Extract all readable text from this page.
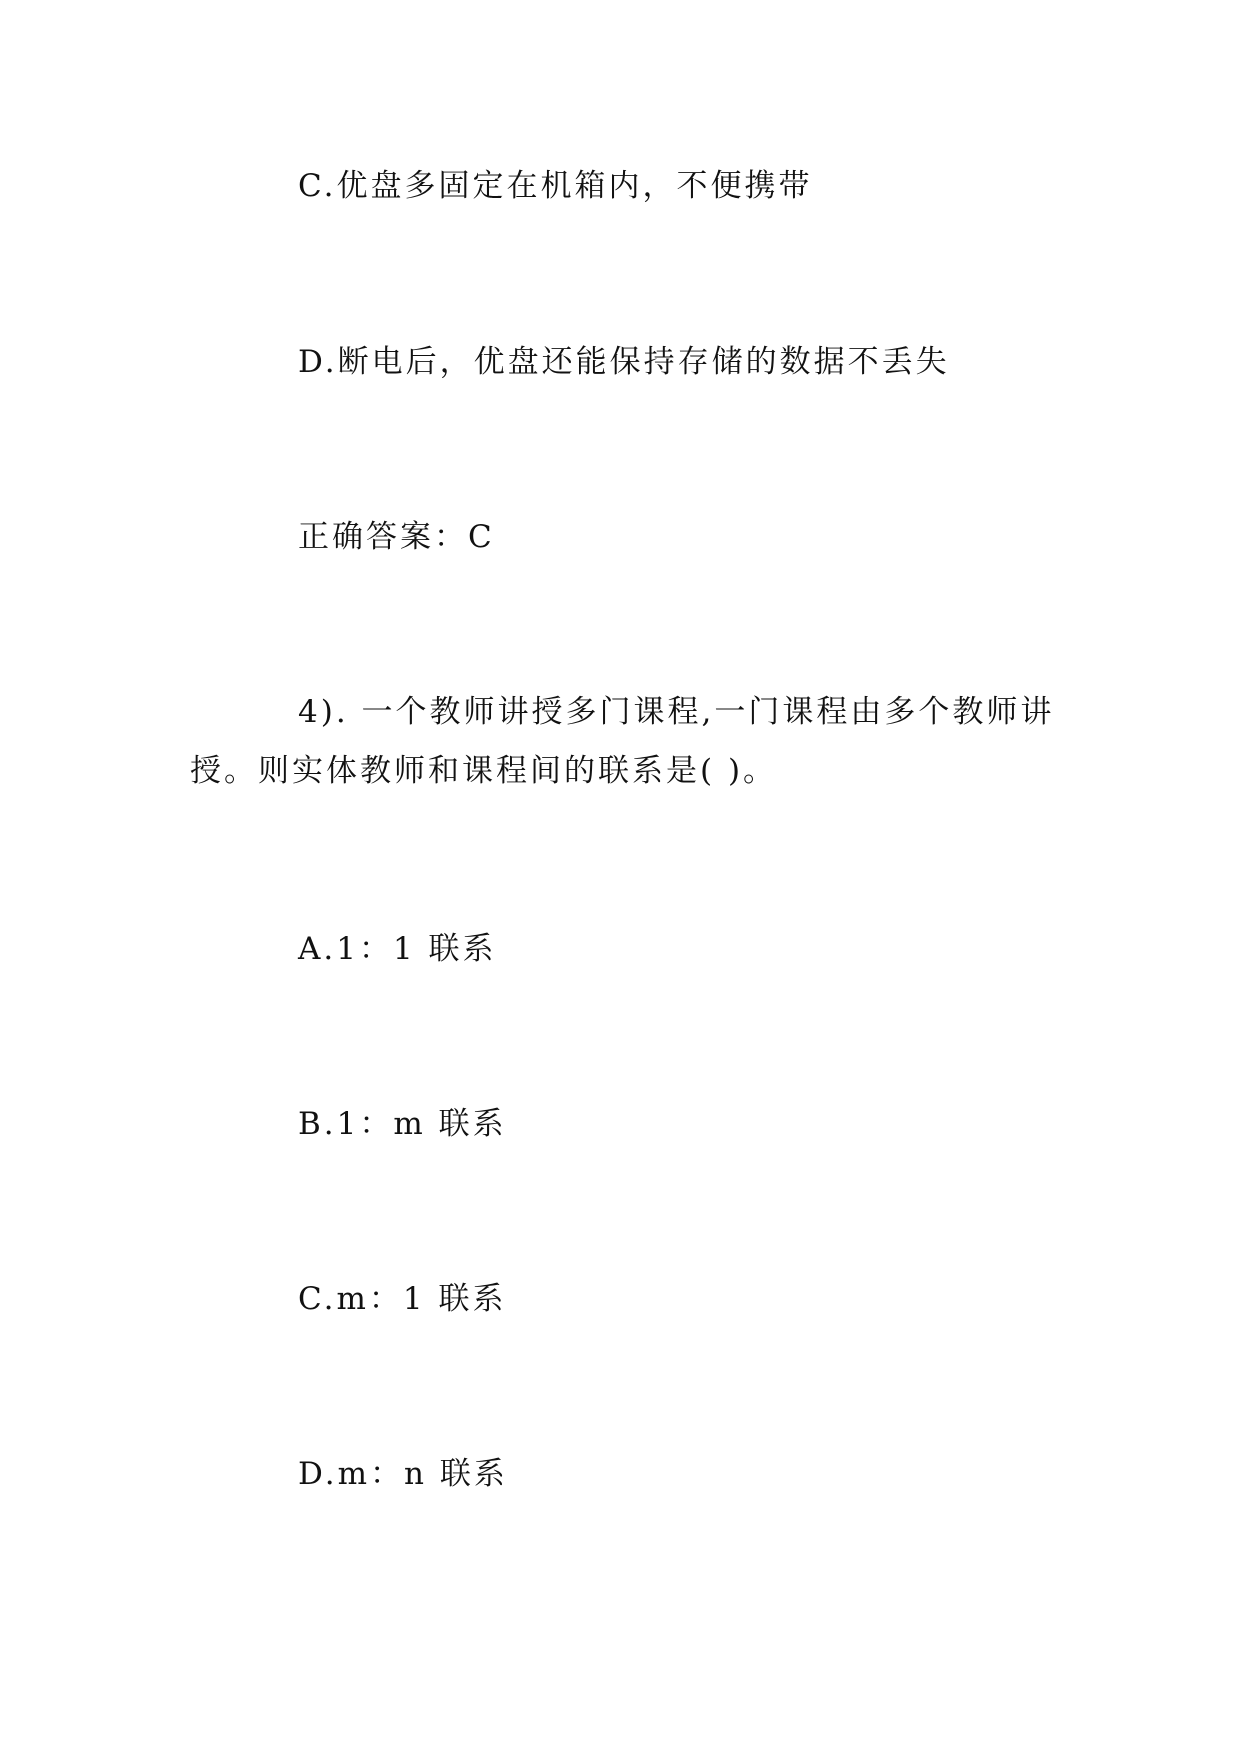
C.优盘多固定在机箱内，不便携带
D.断电后，优盘还能保持存储的数据不丢失
正确答案：C
4). 一个教师讲授多门课程,一门课程由多个教师讲
授。则实体教师和课程间的联系是( )。
A.1：1 联系
B.1：m 联系
C.m：1 联系
D.m：n 联系
